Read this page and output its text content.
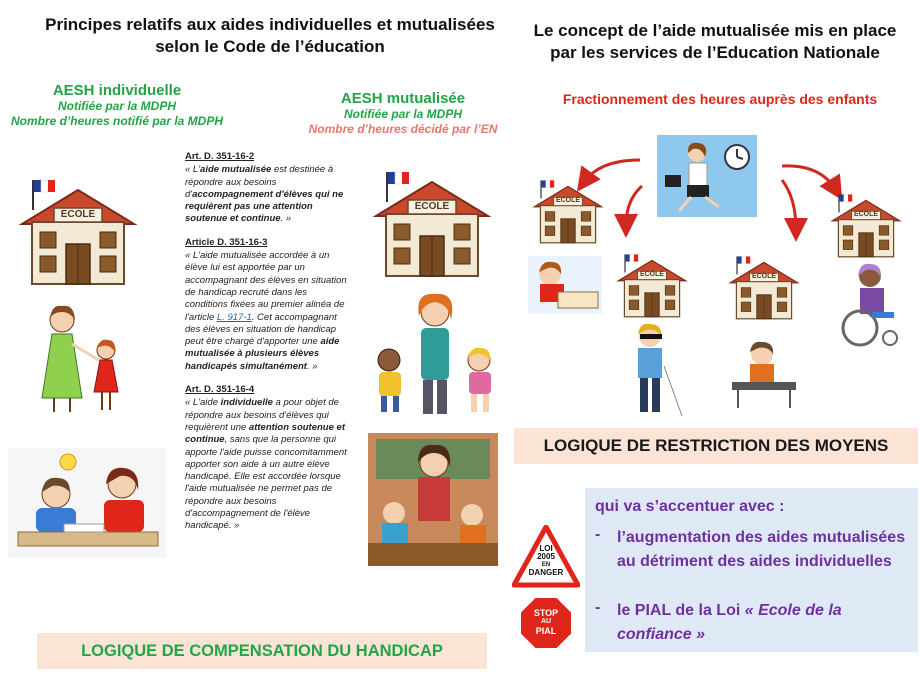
Principes relatifs aux aides individuelles et mutualisées
selon le Code de l’éducation
Le concept de l’aide mutualisée mis en place
par les services de l’Education Nationale
AESH individuelle
Notifiée par la MDPH
Nombre d’heures notifié par la MDPH
AESH mutualisée
Notifiée par la MDPH
Nombre d’heures décidé par l’EN
Fractionnement des heures auprès des enfants
ECOLE

Art. D. 351-16-2
« L'aide mutualisée est destinée à répondre aux besoins d'accompagnement d'élèves qui ne requièrent pas une attention soutenue et continue. »

Article D. 351-16-3
« L'aide mutualisée accordée à un élève lui est apportée par un accompagnant des élèves en situation de handicap recruté dans les conditions fixées au premier alinéa de l'article L. 917-1. Cet accompagnant des élèves en situation de handicap peut être chargé d'apporter une aide mutualisée à plusieurs élèves handicapés simultanément. »

Art. D. 351-16-4
« L'aide individuelle a pour objet de répondre aux besoins d'élèves qui requièrent une attention soutenue et continue, sans que la personne qui apporte l'aide puisse concomitamment apporter son aide à un autre élève handicapé. Elle est accordée lorsque l'aide mutualisée ne permet pas de répondre aux besoins d'accompagnement de l'élève handicapé. »

ECOLE
LOGIQUE DE COMPENSATION DU HANDICAP
ECOLE
ECOLE	ECOLE
ECOLE
LOGIQUE DE RESTRICTION DES MOYENS
LOI
2005
EN
DANGER
STOP
AU
PIAL
qui va s’accentuer avec :
- l’augmentation des aides mutualisées au détriment des aides individuelles
- le PIAL de la Loi « Ecole de la confiance »
